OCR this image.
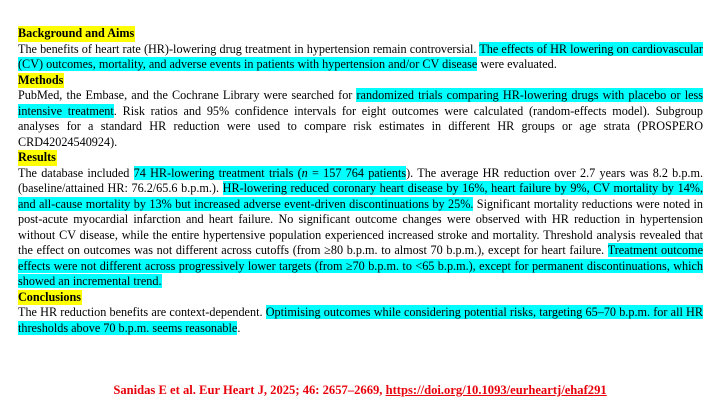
Background and Aims

The benefits of heart rate (HR)-lowering drug treatment in hypertension remain controversial. The effects of HR lowering on cardiovascular (CV) outcomes, mortality, and adverse events in patients with hypertension and/or CV disease were evaluated.

Methods

PubMed, the Embase, and the Cochrane Library were searched for randomized trials comparing HR-lowering drugs with placebo or less intensive treatment. Risk ratios and 95% confidence intervals for eight outcomes were calculated (random-effects model). Subgroup analyses for a standard HR reduction were used to compare risk estimates in different HR groups or age strata (PROSPERO CRD42024540924).

Results

The database included 74 HR-lowering treatment trials (n = 157 764 patients). The average HR reduction over 2.7 years was 8.2 b.p.m. (baseline/attained HR: 76.2/65.6 b.p.m.). HR-lowering reduced coronary heart disease by 16%, heart failure by 9%, CV mortality by 14%, and all-cause mortality by 13% but increased adverse event-driven discontinuations by 25%. Significant mortality reductions were noted in post-acute myocardial infarction and heart failure. No significant outcome changes were observed with HR reduction in hypertension without CV disease, while the entire hypertensive population experienced increased stroke and mortality. Threshold analysis revealed that the effect on outcomes was not different across cutoffs (from ≥80 b.p.m. to almost 70 b.p.m.), except for heart failure. Treatment outcome effects were not different across progressively lower targets (from ≥70 b.p.m. to <65 b.p.m.), except for permanent discontinuations, which showed an incremental trend.

Conclusions

The HR reduction benefits are context-dependent. Optimising outcomes while considering potential risks, targeting 65–70 b.p.m. for all HR thresholds above 70 b.p.m. seems reasonable.

Sanidas E et al. Eur Heart J, 2025; 46: 2657–2669, https://doi.org/10.1093/eurheartj/ehaf291
